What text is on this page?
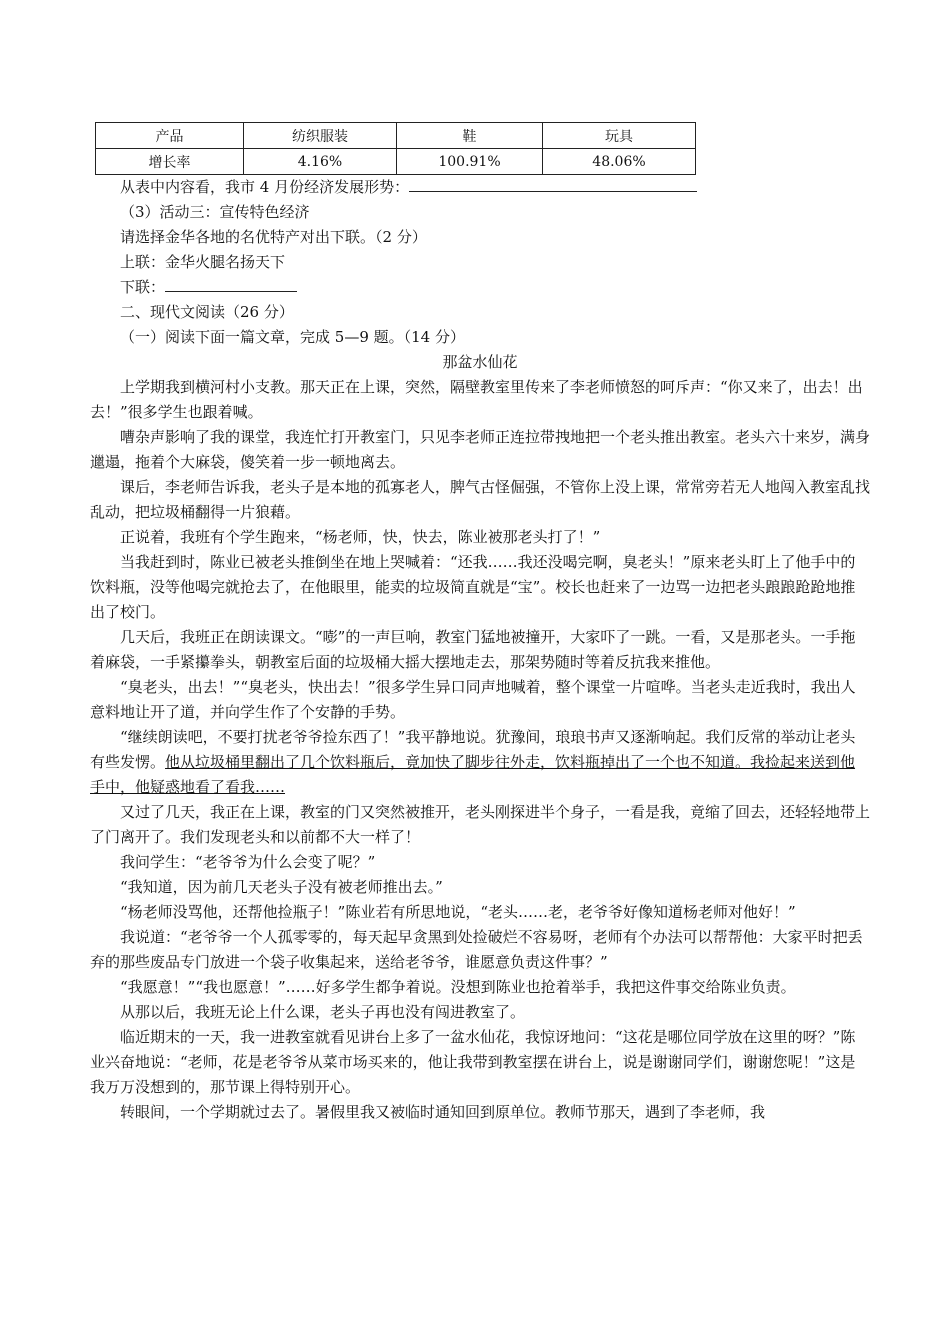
产品	纺织服装	鞋	玩具
增长率	4.16%	100.91%	48.06%

从表中内容看，我市 4 月份经济发展形势：

（3）活动三：宣传特色经济

请选择金华各地的名优特产对出下联。（2 分）

上联：金华火腿名扬天下

下联：

二、现代文阅读（26 分）

（一）阅读下面一篇文章，完成 5—9 题。（14 分）

那盆水仙花

上学期我到横河村小支教。那天正在上课，突然，隔壁教室里传来了李老师愤怒的呵斥声：“你又来了，出去！出去！”很多学生也跟着喊。

嘈杂声影响了我的课堂，我连忙打开教室门，只见李老师正连拉带拽地把一个老头推出教室。老头六十来岁，满身邋遢，拖着个大麻袋，傻笑着一步一顿地离去。

课后，李老师告诉我，老头子是本地的孤寡老人，脾气古怪倔强，不管你上没上课，常常旁若无人地闯入教室乱找乱动，把垃圾桶翻得一片狼藉。

正说着，我班有个学生跑来，“杨老师，快，快去，陈业被那老头打了！”

当我赶到时，陈业已被老头推倒坐在地上哭喊着：“还我……我还没喝完啊，臭老头！”原来老头盯上了他手中的饮料瓶，没等他喝完就抢去了，在他眼里，能卖的垃圾简直就是“宝”。校长也赶来了一边骂一边把老头踉踉跄跄地推出了校门。

几天后，我班正在朗读课文。“嘭”的一声巨响，教室门猛地被撞开，大家吓了一跳。一看，又是那老头。一手拖着麻袋，一手紧攥拳头，朝教室后面的垃圾桶大摇大摆地走去，那架势随时等着反抗我来推他。

“臭老头，出去！”“臭老头，快出去！”很多学生异口同声地喊着，整个课堂一片喧哗。当老头走近我时，我出人意料地让开了道，并向学生作了个安静的手势。

“继续朗读吧，不要打扰老爷爷捡东西了！”我平静地说。犹豫间，琅琅书声又逐渐响起。我们反常的举动让老头有些发愣。他从垃圾桶里翻出了几个饮料瓶后，竟加快了脚步往外走，饮料瓶掉出了一个也不知道。我捡起来送到他手中，他疑惑地看了看我……

又过了几天，我正在上课，教室的门又突然被推开，老头刚探进半个身子，一看是我，竟缩了回去，还轻轻地带上了门离开了。我们发现老头和以前都不大一样了！

我问学生：“老爷爷为什么会变了呢？”

“我知道，因为前几天老头子没有被老师推出去。”

“杨老师没骂他，还帮他捡瓶子！”陈业若有所思地说，“老头……老，老爷爷好像知道杨老师对他好！”

我说道：“老爷爷一个人孤零零的，每天起早贪黑到处捡破烂不容易呀，老师有个办法可以帮帮他：大家平时把丢弃的那些废品专门放进一个袋子收集起来，送给老爷爷，谁愿意负责这件事？”

“我愿意！”“我也愿意！”……好多学生都争着说。没想到陈业也抢着举手，我把这件事交给陈业负责。

从那以后，我班无论上什么课，老头子再也没有闯进教室了。

临近期末的一天，我一进教室就看见讲台上多了一盆水仙花，我惊讶地问：“这花是哪位同学放在这里的呀？”陈业兴奋地说：“老师，花是老爷爷从菜市场买来的，他让我带到教室摆在讲台上，说是谢谢同学们，谢谢您呢！”这是我万万没想到的，那节课上得特别开心。

转眼间，一个学期就过去了。暑假里我又被临时通知回到原单位。教师节那天，遇到了李老师，我
